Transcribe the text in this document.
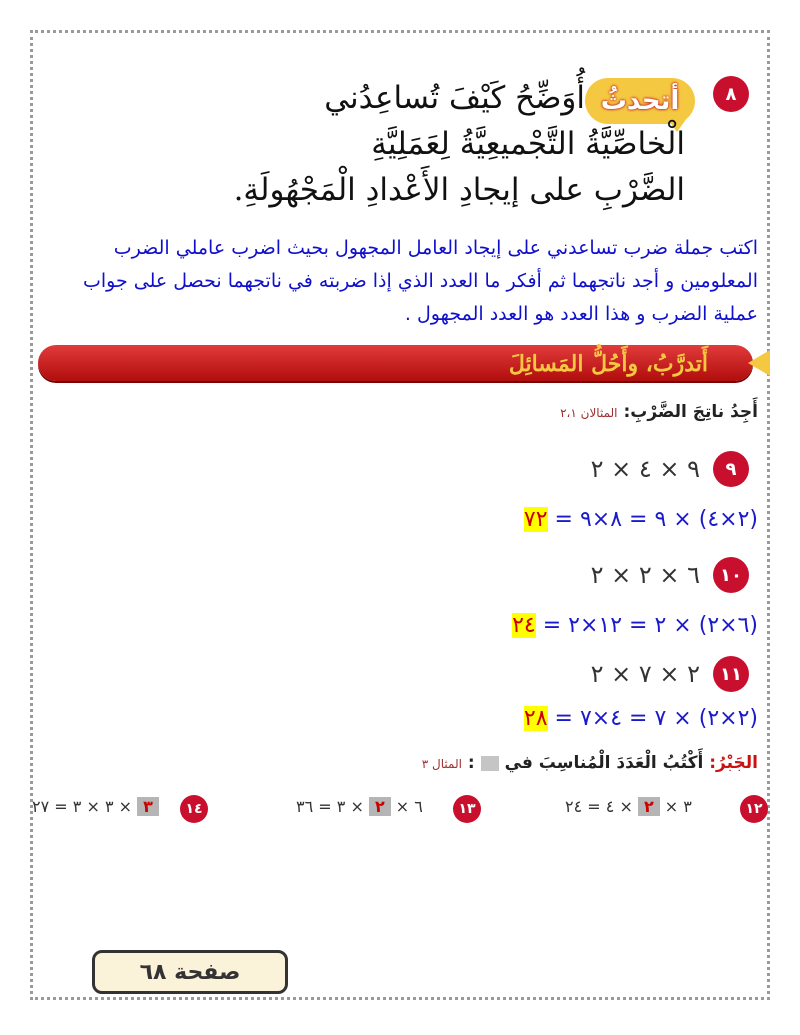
٨
أتحدثُ
أُوَضِّحُ كَيْفَ تُساعِدُني
الْخاصِّيَّةُ التَّجْميعِيَّةُ لِعَمَلِيَّةِ
الضَّرْبِ على إيجادِ الأَعْدادِ الْمَجْهُولَةِ.
اكتب جملة ضرب تساعدني على إيجاد العامل المجهول بحيث اضرب عاملي الضرب المعلومين و أجد ناتجهما ثم أفكر ما العدد الذي إذا ضربته في ناتجهما نحصل على جواب عملية الضرب و هذا العدد هو العدد المجهول .
أَتدرَّبُ، وأَحُلُّ المَسائِلَ
أَجِدُ ناتِجَ الضَّرْبِ: المثالان ٢،١
٩
٩ × ٤ × ٢
(٢×٤) × ٩ = ٨×٩ = ٧٢
١٠
٦ × ٢ × ٢
(٦×٢) × ٢ = ١٢×٢ = ٢٤
١١
٢ × ٧ × ٢
(٢×٢) × ٧ = ٤×٧ = ٢٨
الجَبْرُ: أَكْتُبُ الْعَدَدَ الْمُناسِبَ في  : المثال ٣
١٢
٣ × ٢ × ٤ = ٢٤
١٣
٦ × ٢ × ٣ = ٣٦
١٤
٣ × ٣ × ٣ = ٢٧
صفحة ٦٨
